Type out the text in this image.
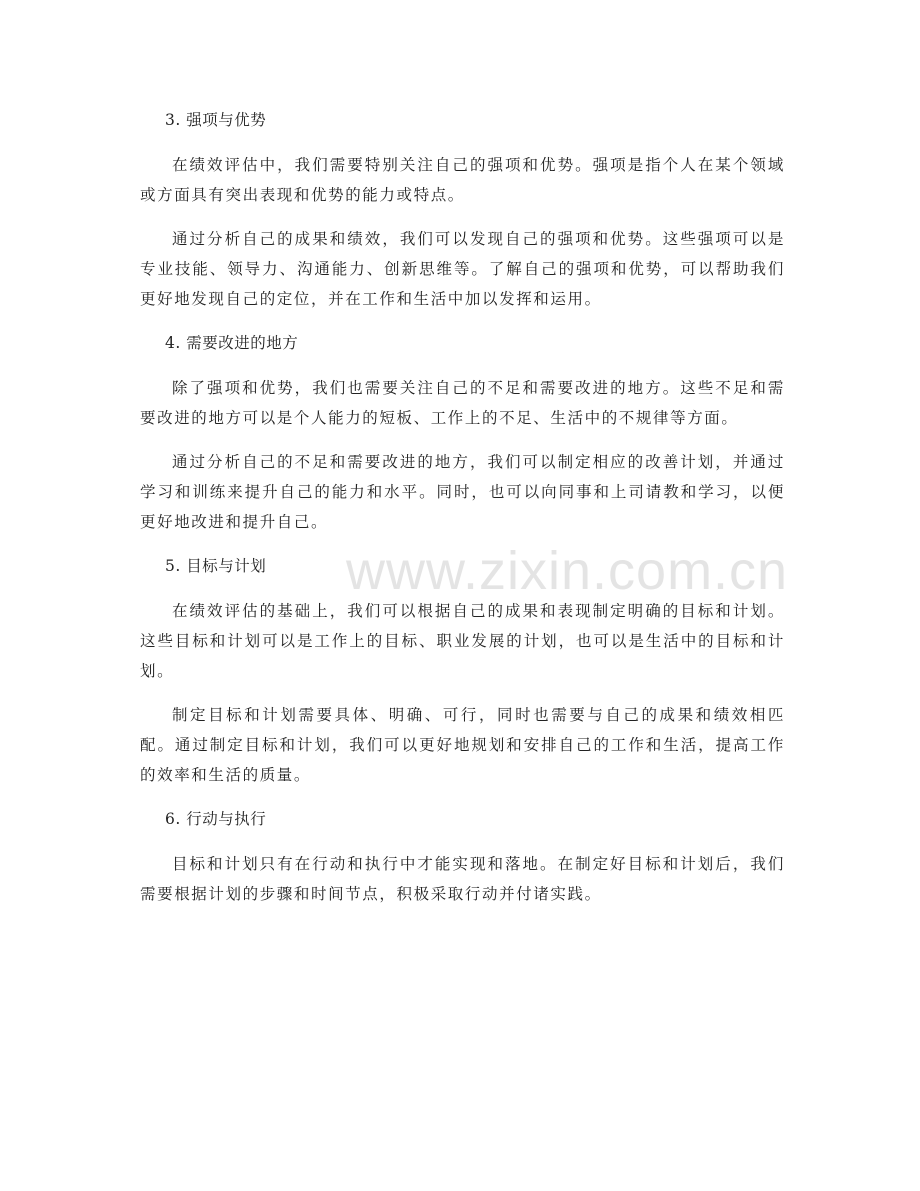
3. 强项与优势

在绩效评估中，我们需要特别关注自己的强项和优势。强项是指个人在某个领域或方面具有突出表现和优势的能力或特点。

通过分析自己的成果和绩效，我们可以发现自己的强项和优势。这些强项可以是专业技能、领导力、沟通能力、创新思维等。了解自己的强项和优势，可以帮助我们更好地发现自己的定位，并在工作和生活中加以发挥和运用。

4. 需要改进的地方

除了强项和优势，我们也需要关注自己的不足和需要改进的地方。这些不足和需要改进的地方可以是个人能力的短板、工作上的不足、生活中的不规律等方面。

通过分析自己的不足和需要改进的地方，我们可以制定相应的改善计划，并通过学习和训练来提升自己的能力和水平。同时，也可以向同事和上司请教和学习，以便更好地改进和提升自己。

5. 目标与计划

在绩效评估的基础上，我们可以根据自己的成果和表现制定明确的目标和计划。这些目标和计划可以是工作上的目标、职业发展的计划，也可以是生活中的目标和计划。

制定目标和计划需要具体、明确、可行，同时也需要与自己的成果和绩效相匹配。通过制定目标和计划，我们可以更好地规划和安排自己的工作和生活，提高工作的效率和生活的质量。

6. 行动与执行

目标和计划只有在行动和执行中才能实现和落地。在制定好目标和计划后，我们需要根据计划的步骤和时间节点，积极采取行动并付诸实践。

www.zixin.com.cn
